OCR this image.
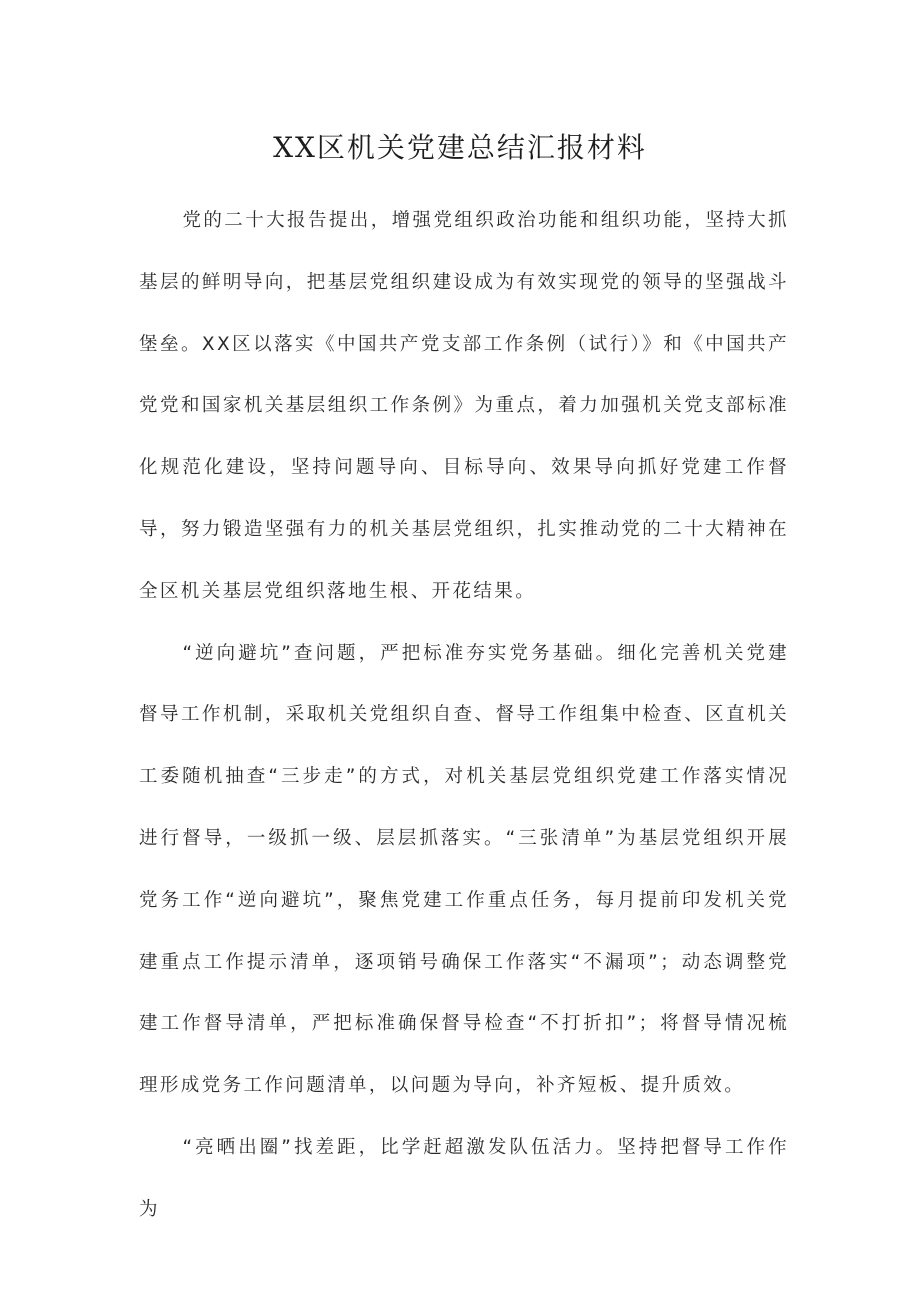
XX区机关党建总结汇报材料

党的二十大报告提出，增强党组织政治功能和组织功能，坚持大抓基层的鲜明导向，把基层党组织建设成为有效实现党的领导的坚强战斗堡垒。XX区以落实《中国共产党支部工作条例（试行）》和《中国共产党党和国家机关基层组织工作条例》为重点，着力加强机关党支部标准化规范化建设，坚持问题导向、目标导向、效果导向抓好党建工作督导，努力锻造坚强有力的机关基层党组织，扎实推动党的二十大精神在全区机关基层党组织落地生根、开花结果。

“逆向避坑”查问题，严把标准夯实党务基础。细化完善机关党建督导工作机制，采取机关党组织自查、督导工作组集中检查、区直机关工委随机抽查“三步走”的方式，对机关基层党组织党建工作落实情况进行督导，一级抓一级、层层抓落实。“三张清单”为基层党组织开展党务工作“逆向避坑”，聚焦党建工作重点任务，每月提前印发机关党建重点工作提示清单，逐项销号确保工作落实“不漏项”；动态调整党建工作督导清单，严把标准确保督导检查“不打折扣”；将督导情况梳理形成党务工作问题清单，以问题为导向，补齐短板、提升质效。

“亮晒出圈”找差距，比学赶超激发队伍活力。坚持把督导工作作为
